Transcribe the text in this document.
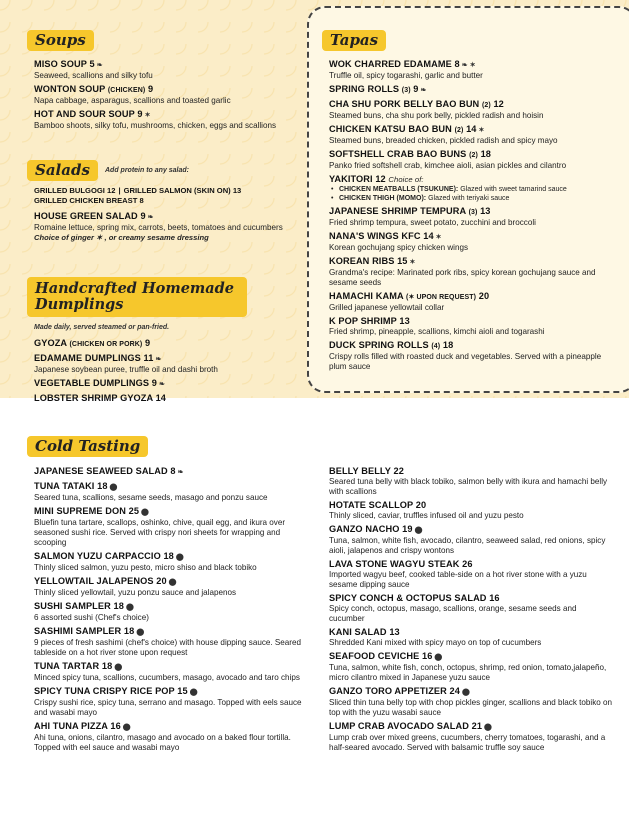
Soups
MISO SOUP 5 ❧
Seaweed, scallions and silky tofu
WONTON SOUP (CHICKEN) 9
Napa cabbage, asparagus, scallions and toasted garlic
HOT AND SOUR SOUP 9 ✶
Bamboo shoots, silky tofu, mushrooms, chicken, eggs and scallions
Salads	Add protein to any salad:
GRILLED BULGOGI 12 | GRILLED SALMON (SKIN ON) 13
GRILLED CHICKEN BREAST 8
HOUSE GREEN SALAD 9 ❧
Romaine lettuce, spring mix, carrots, beets, tomatoes and cucumbers
Choice of ginger ✶ , or creamy sesame dressing
Handcrafted Homemade
Dumplings
Made daily, served steamed or pan-fried.
GYOZA (CHICKEN OR PORK) 9
EDAMAME DUMPLINGS 11 ❧
Japanese soybean puree, truffle oil and dashi broth
VEGETABLE DUMPLINGS 9 ❧
LOBSTER SHRIMP GYOZA 14
Tapas
WOK CHARRED EDAMAME 8 ❧ ✶
Truffle oil, spicy togarashi, garlic and butter
SPRING ROLLS (3) 9 ❧
CHA SHU PORK BELLY BAO BUN (2) 12
Steamed buns, cha shu pork belly, pickled radish and hoisin
CHICKEN KATSU BAO BUN (2) 14 ✶
Steamed buns, breaded chicken, pickled radish and spicy mayo
SOFTSHELL CRAB BAO BUNS (2) 18
Panko fried softshell crab, kimchee aioli, asian pickles and cilantro
YAKITORI 12 Choice of:
• CHICKEN MEATBALLS (TSUKUNE): Glazed with sweet tamarind sauce
• CHICKEN THIGH (MOMO): Glazed with teriyaki sauce
JAPANESE SHRIMP TEMPURA (3) 13
Fried shrimp tempura, sweet potato, zucchini and broccoli
NANA'S WINGS KFC 14 ✶
Korean gochujang spicy chicken wings
KOREAN RIBS 15 ✶
Grandma's recipe: Marinated pork ribs, spicy korean gochujang sauce and sesame seeds
HAMACHI KAMA (✶ UPON REQUEST) 20
Grilled japanese yellowtail collar
K POP SHRIMP 13
Fried shrimp, pineapple, scallions, kimchi aioli and togarashi
DUCK SPRING ROLLS (4) 18
Crispy rolls filled with roasted duck and vegetables. Served with a pineapple plum sauce
Cold Tasting
JAPANESE SEAWEED SALAD 8 ❧
TUNA TATAKI 18 ⬤
Seared tuna, scallions, sesame seeds, masago and ponzu sauce
MINI SUPREME DON 25 ⬤
Bluefin tuna tartare, scallops, oshinko, chive, quail egg, and ikura over seasoned sushi rice. Served with crispy nori sheets for wrapping and scooping
SALMON YUZU CARPACCIO 18 ⬤
Thinly sliced salmon, yuzu pesto, micro shiso and black tobiko
YELLOWTAIL JALAPENOS 20 ⬤
Thinly sliced yellowtail, yuzu ponzu sauce and jalapenos
SUSHI SAMPLER 18 ⬤
6 assorted sushi (Chef's choice)
SASHIMI SAMPLER 18 ⬤
9 pieces of fresh sashimi (chef's choice) with house dipping sauce. Seared tableside on a hot river stone upon request
TUNA TARTAR 18 ⬤
Minced spicy tuna, scallions, cucumbers, masago, avocado and taro chips
SPICY TUNA CRISPY RICE POP 15 ⬤
Crispy sushi rice, spicy tuna, serrano and masago. Topped with eels sauce and wasabi mayo
AHI TUNA PIZZA 16 ⬤
Ahi tuna, onions, cilantro, masago and avocado on a baked flour tortilla. Topped with eel sauce and wasabi mayo
BELLY BELLY 22
Seared tuna belly with black tobiko, salmon belly with ikura and hamachi belly with scallions
HOTATE SCALLOP 20
Thinly sliced, caviar, truffles infused oil and yuzu pesto
GANZO NACHO 19 ⬤
Tuna, salmon, white fish, avocado, cilantro, seaweed salad, red onions, spicy aioli, jalapenos and crispy wontons
LAVA STONE WAGYU STEAK 26
Imported wagyu beef, cooked table-side on a hot river stone with a yuzu sesame dipping sauce
SPICY CONCH & OCTOPUS SALAD 16
Spicy conch, octopus, masago, scallions, orange, sesame seeds and cucumber
KANI SALAD 13
Shredded Kani mixed with spicy mayo on top of cucumbers
SEAFOOD CEVICHE 16 ⬤
Tuna, salmon, white fish, conch, octopus, shrimp, red onion, tomato,jalapeño, micro cilantro mixed in Japanese yuzu sauce
GANZO TORO APPETIZER 24 ⬤
Sliced thin tuna belly top with chop pickles ginger, scallions and black tobiko on top with the yuzu wasabi sauce
LUMP CRAB AVOCADO SALAD 21 ⬤
Lump crab over mixed greens, cucumbers, cherry tomatoes, togarashi, and a half-seared avocado. Served with balsamic truffle soy sauce
